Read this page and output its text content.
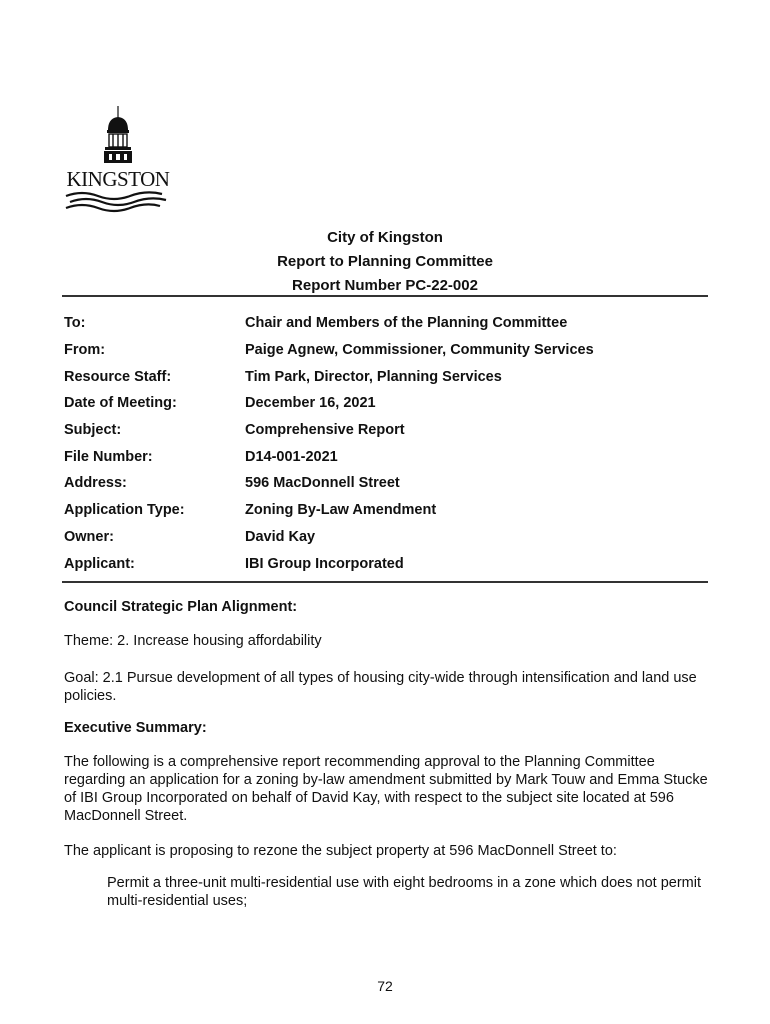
KINGSTON
City of Kingston
Report to Planning Committee
Report Number PC-22-002
To:	Chair and Members of the Planning Committee
From:	Paige Agnew, Commissioner, Community Services
Resource Staff:	Tim Park, Director, Planning Services
Date of Meeting:	December 16, 2021
Subject:	Comprehensive Report
File Number:	D14-001-2021
Address:	596 MacDonnell Street
Application Type:	Zoning By-Law Amendment
Owner:	David Kay
Applicant:	IBI Group Incorporated
Council Strategic Plan Alignment:
Theme: 2. Increase housing affordability
Goal: 2.1 Pursue development of all types of housing city-wide through intensification and land use policies.
Executive Summary:
The following is a comprehensive report recommending approval to the Planning Committee regarding an application for a zoning by-law amendment submitted by Mark Touw and Emma Stucke of IBI Group Incorporated on behalf of David Kay, with respect to the subject site located at 596 MacDonnell Street.
The applicant is proposing to rezone the subject property at 596 MacDonnell Street to:
Permit a three-unit multi-residential use with eight bedrooms in a zone which does not permit multi-residential uses;
72
